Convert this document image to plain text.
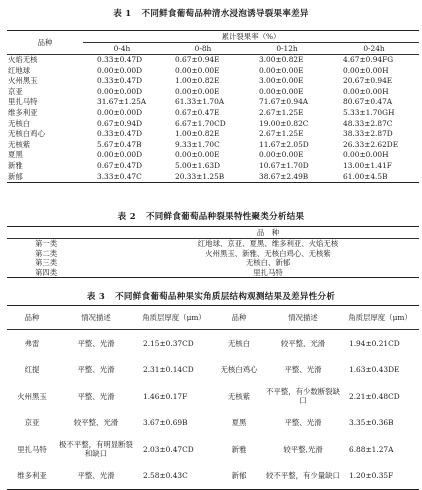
表 1 不同鲜食葡萄品种清水浸泡诱导裂果率差异
品种	累计裂果率（%）			
	0-4h	0-8h	0-12h	0-24h
火焰无核	0.33±0.47D	0.67±0.94E	3.00±0.82E	4.67±0.94FG
红地球	0.00±0.00D	0.00±0.00E	0.00±0.00E	0.00±0.00H
火州黑玉	0.33±0.47D	1.00±0.82E	3.00±0.00E	20.67±0.94E
京亚	0.00±0.00D	0.00±0.00E	0.00±0.00E	0.00±0.00H
里扎马特	31.67±1.25A	61.33±1.70A	71.67±0.94A	80.67±0.47A
维多利亚	0.00±0.00D	0.67±0.47E	2.67±1.25E	5.33±1.70GH
无核白	0.67±0.94D	6.67±1.70CD	19.00±0.82C	48.33±2.87C
无核白鸡心	0.33±0.47D	1.00±0.82E	2.67±1.25E	38.33±2.87D
无核紫	5.67±0.47B	9.33±1.70C	11.67±2.05D	26.33±2.62DE
夏黑	0.00±0.00D	0.00±0.00E	0.00±0.00E	0.00±0.00H
新雅	0.67±0.47D	5.00±1.63D	10.67±1.70D	13.00±1.41F
新郁	3.33±0.47C	20.33±1.25B	38.67±2.49B	61.00±4.5B
表 2 不同鲜食葡萄品种裂果特性聚类分析结果
	品　种
第一类	红地球、京亚、夏黑、维多利亚、火焰无核
第二类	火州黑玉、新雅、无核白鸡心、无核紫
第三类	无核白、新郁
第四类	里扎马特
表 3 不同鲜食葡萄品种果实角质层结构观测结果及差异性分析
品种	情况描述	角质层厚度（μm）	品种	情况描述	角质层厚度（μm）
弗雷	平整、光滑	2.15±0.37CD	无核白	较平整、光滑	1.94±0.21CD
红提	平整、光滑	2.31±0.14CD	无核白鸡心	平整、光滑	1.63±0.43DE
火州黑玉	平整、光滑	1.46±0.17F	无核紫	不平整，有少数断裂缺口	2.21±0.48CD
京亚	较平整、光滑	3.67±0.69B	夏黑	平整、光滑	3.35±0.36B
里扎马特	极不平整，有明显断裂和缺口	2.03±0.47CD	新雅	较平整,光滑	6.88±1.27A
维多利亚	平整、光滑	2.58±0.43C	新郁	较不平整，有少量缺口	1.20±0.35F
